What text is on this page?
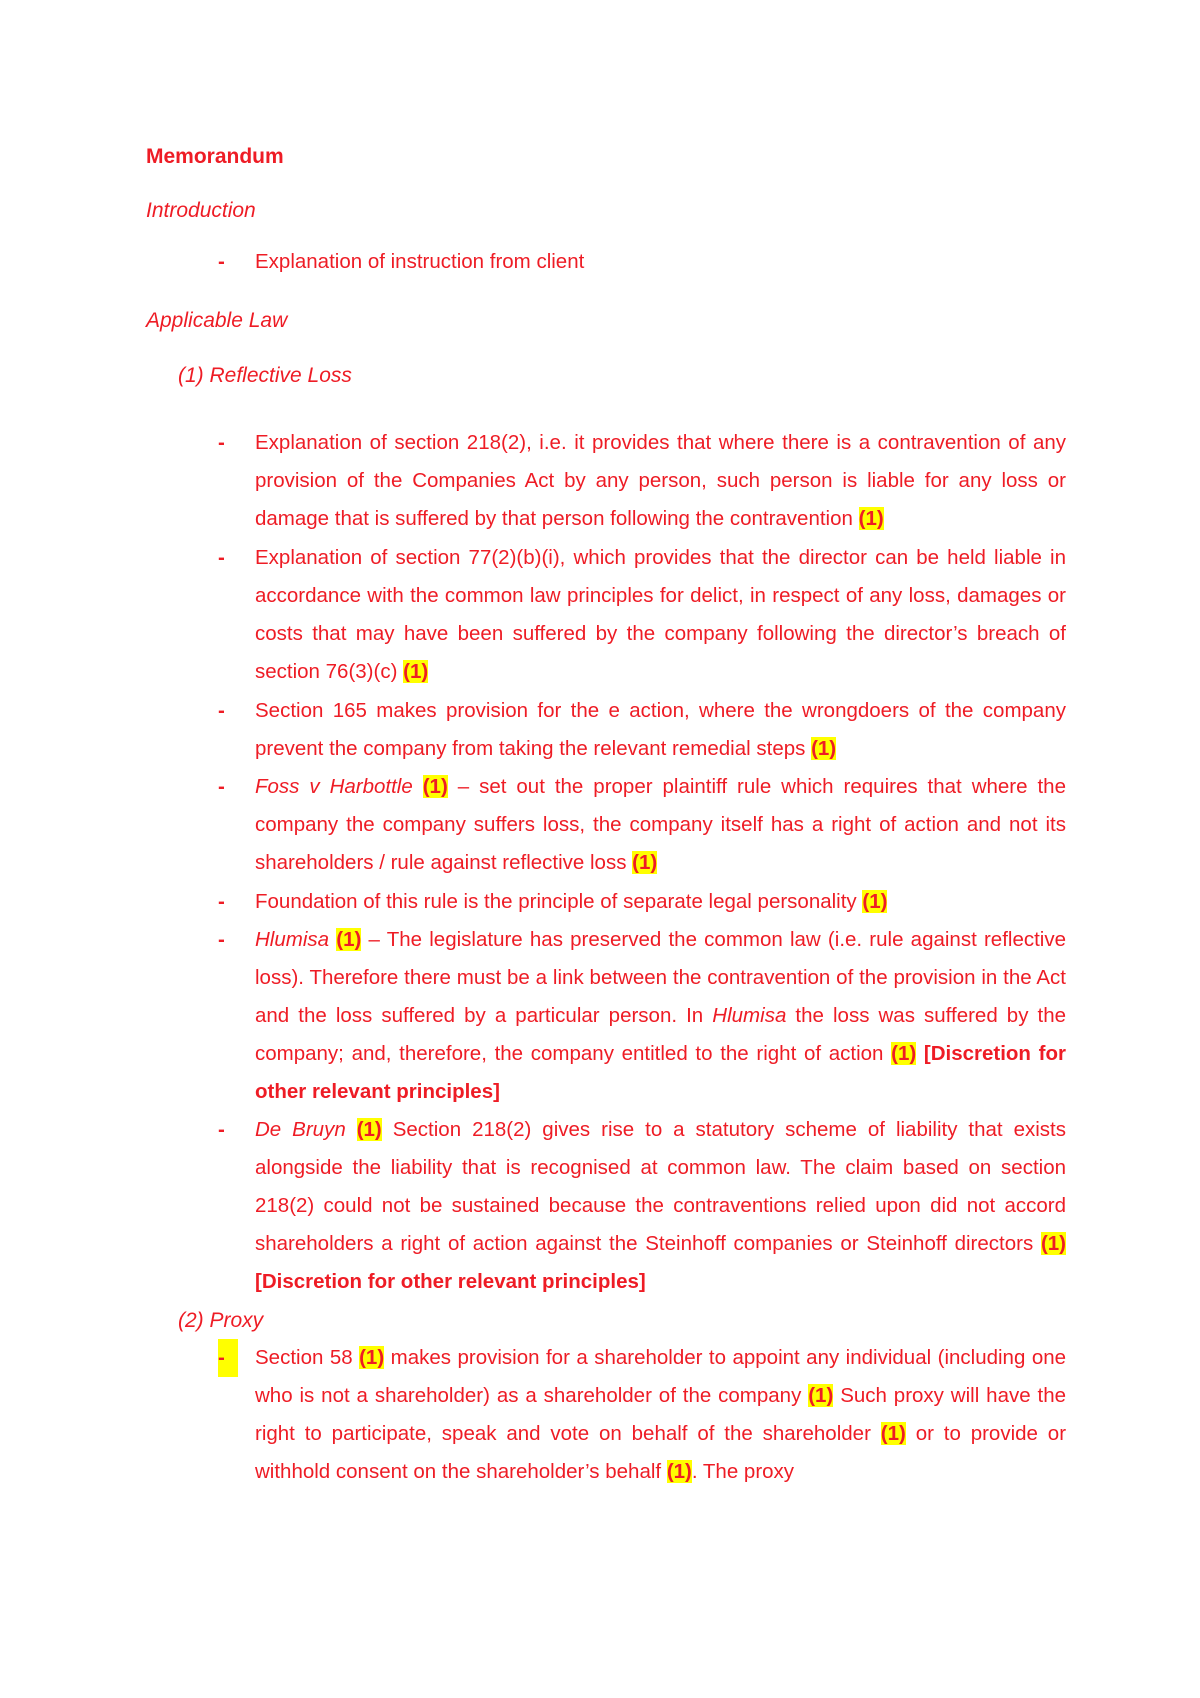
Memorandum
Introduction
-	Explanation of instruction from client
Applicable Law
(1) Reflective Loss
-	Explanation of section 218(2), i.e. it provides that where there is a contravention of any provision of the Companies Act by any person, such person is liable for any loss or damage that is suffered by that person following the contravention (1)
-	Explanation of section 77(2)(b)(i), which provides that the director can be held liable in accordance with the common law principles for delict, in respect of any loss, damages or costs that may have been suffered by the company following the director’s breach of section 76(3)(c) (1)
-	Section 165 makes provision for the e action, where the wrongdoers of the company prevent the company from taking the relevant remedial steps (1)
-	Foss v Harbottle (1) – set out the proper plaintiff rule which requires that where the company the company suffers loss, the company itself has a right of action and not its shareholders / rule against reflective loss (1)
-	Foundation of this rule is the principle of separate legal personality (1)
-	Hlumisa (1) – The legislature has preserved the common law (i.e. rule against reflective loss). Therefore there must be a link between the contravention of the provision in the Act and the loss suffered by a particular person. In Hlumisa the loss was suffered by the company; and, therefore, the company entitled to the right of action (1) [Discretion for other relevant principles]
-	De Bruyn (1) Section 218(2) gives rise to a statutory scheme of liability that exists alongside the liability that is recognised at common law. The claim based on section 218(2) could not be sustained because the contraventions relied upon did not accord shareholders a right of action against the Steinhoff companies or Steinhoff directors (1) [Discretion for other relevant principles]
(2) Proxy
-	Section 58 (1) makes provision for a shareholder to appoint any individual (including one who is not a shareholder) as a shareholder of the company (1) Such proxy will have the right to participate, speak and vote on behalf of the shareholder (1) or to provide or withhold consent on the shareholder’s behalf (1). The proxy
